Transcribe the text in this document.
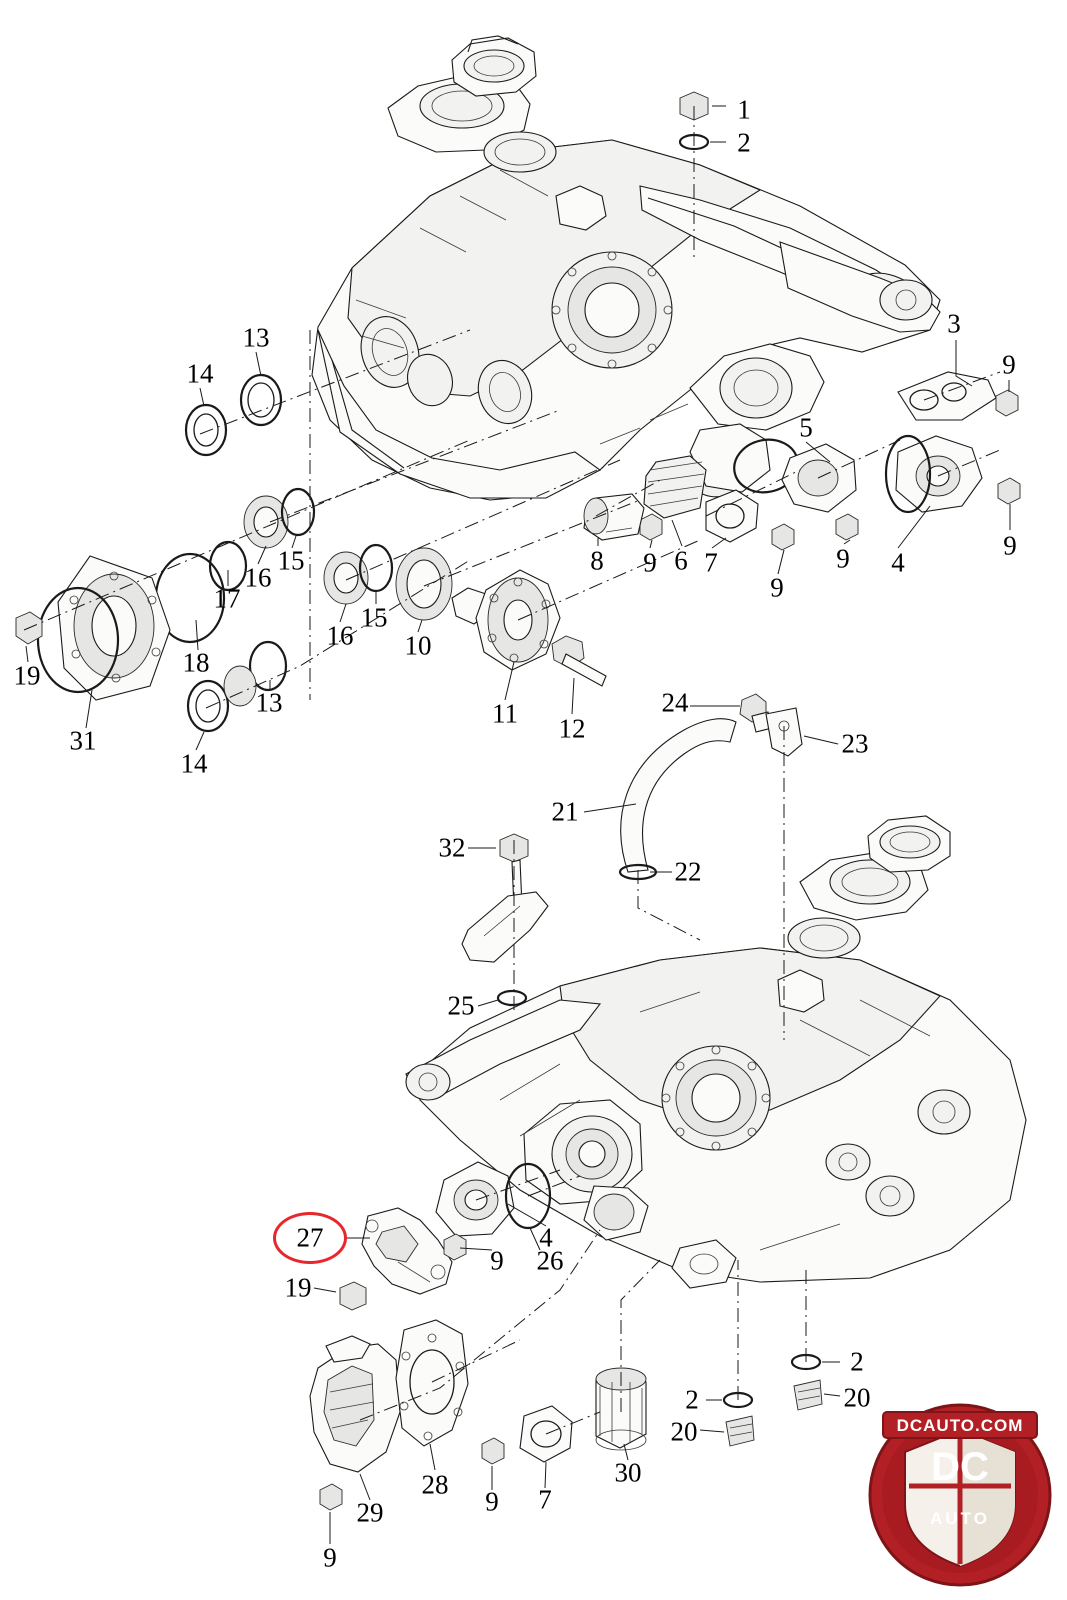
1
2
3
9
13
14
5
4
9
9
9
7
6
9
8
16
15
17
16
15
10
11 12
18
19
31
13
14
24
23
21
22
32
25
27
9
4
26
19
2
20
2
20
30
7
9
28
29
9
DC
AUTO
DCAUTO.COM
